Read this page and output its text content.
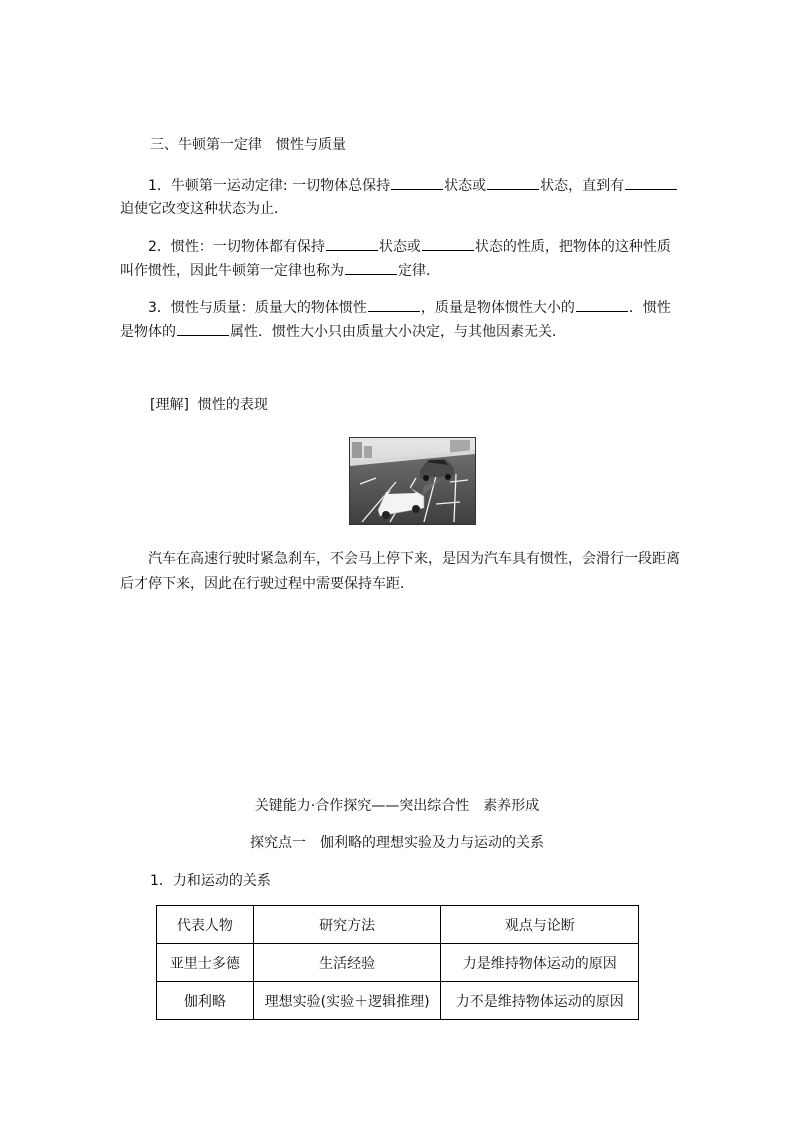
三、牛顿第一定律　惯性与质量
1．牛顿第一运动定律: 一切物体总保持	状态或	状态，直到有
迫使它改变这种状态为止．
2．惯性：一切物体都有保持	状态或	状态的性质，把物体的这种性质
叫作惯性，因此牛顿第一定律也称为	定律．
3．惯性与质量：质量大的物体惯性	，质量是物体惯性大小的	．惯性
是物体的	属性．惯性大小只由质量大小决定，与其他因素无关．
[理解] 惯性的表现
汽车在高速行驶时紧急刹车，不会马上停下来，是因为汽车具有惯性，会滑行一段距离
后才停下来，因此在行驶过程中需要保持车距．
关键能力·合作探究——突出综合性　素养形成
探究点一　伽利略的理想实验及力与运动的关系
1．力和运动的关系
代表人物	研究方法	观点与论断
亚里士多德	生活经验	力是维持物体运动的原因
伽利略	理想实验(实验＋逻辑推理)	力不是维持物体运动的原因
